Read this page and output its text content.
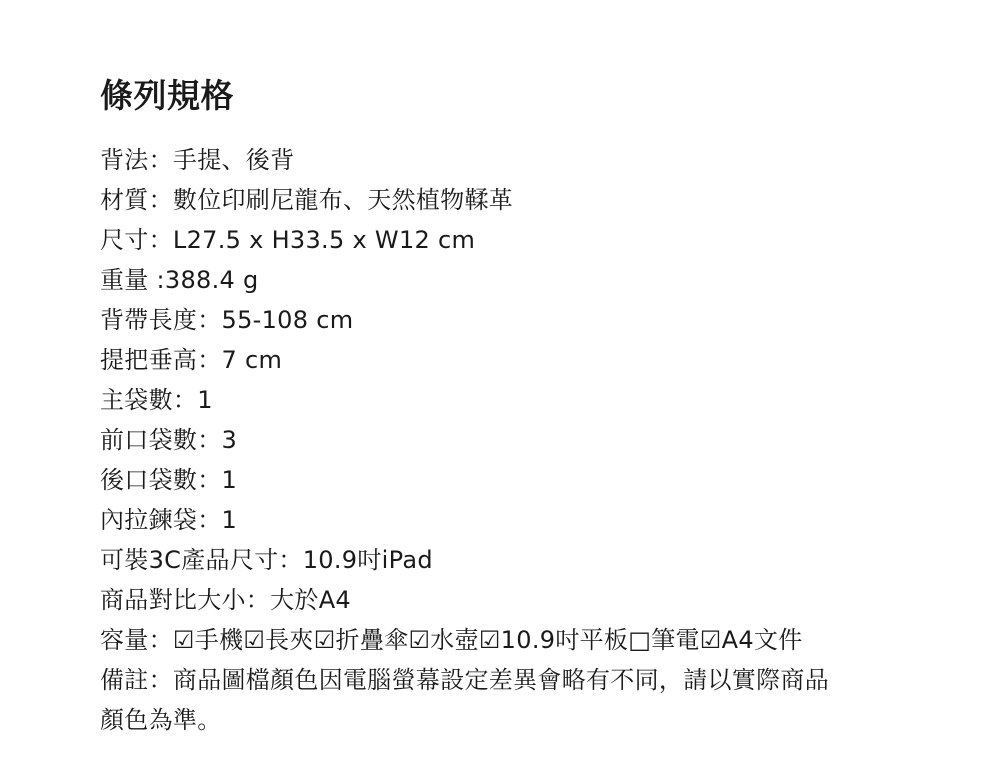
條列規格
背法：手提、後背
材質：數位印刷尼龍布、天然植物鞣革
尺寸：L27.5 x H33.5 x W12 cm
重量 :388.4 g
背帶長度：55-108 cm
提把垂高：7 cm
主袋數：1
前口袋數：3
後口袋數：1
內拉鍊袋：1
可裝3C產品尺寸：10.9吋iPad
商品對比大小：大於A4
容量：☑手機☑長夾☑折疊傘☑水壺☑10.9吋平板□筆電☑A4文件
備註：商品圖檔顏色因電腦螢幕設定差異會略有不同，請以實際商品
顏色為準。
